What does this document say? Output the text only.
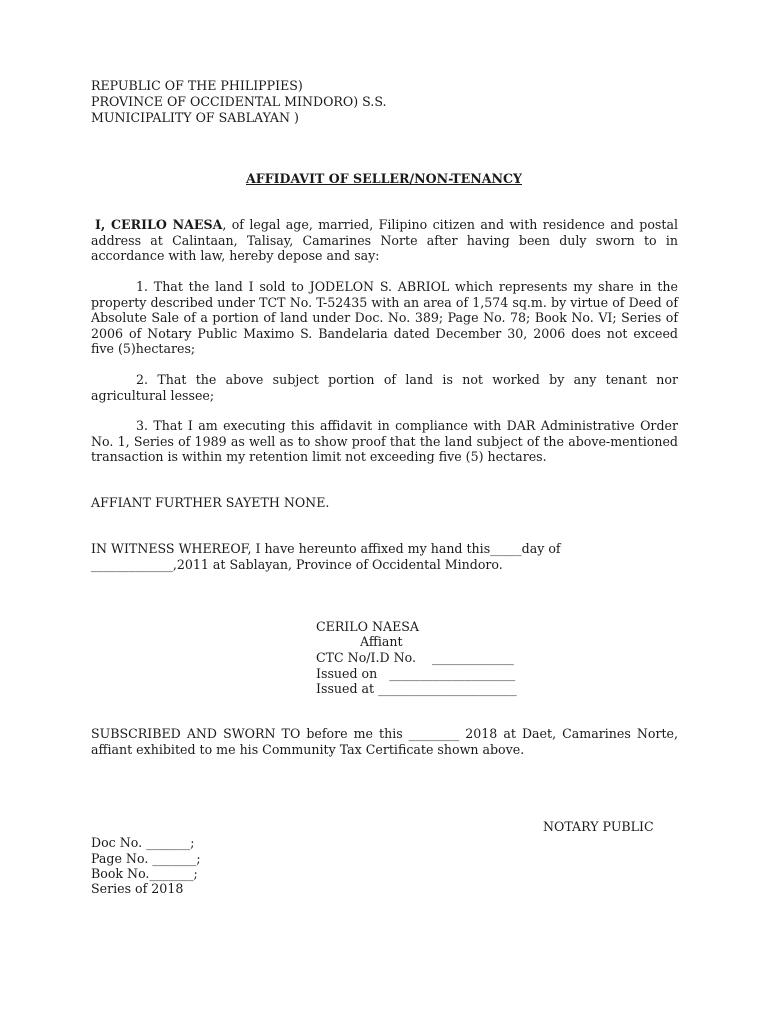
REPUBLIC OF THE PHILIPPIES)
PROVINCE OF OCCIDENTAL MINDORO) S.S.
MUNICIPALITY OF SABLAYAN )
AFFIDAVIT OF SELLER/NON-TENANCY
I, CERILO NAESA, of legal age, married, Filipino citizen and with residence and postal address at Calintaan, Talisay, Camarines Norte after having been duly sworn to in accordance with law, hereby depose and say:
1. That the land I sold to JODELON S. ABRIOL which represents my share in the property described under TCT No. T-52435 with an area of 1,574 sq.m. by virtue of Deed of Absolute Sale of a portion of land under Doc. No. 389; Page No. 78; Book No. VI; Series of 2006 of Notary Public Maximo S. Bandelaria dated December 30, 2006 does not exceed five (5)hectares;
2. That the above subject portion of land is not worked by any tenant nor agricultural lessee;
3. That I am executing this affidavit in compliance with DAR Administrative Order No. 1, Series of 1989 as well as to show proof that the land subject of the above-mentioned transaction is within my retention limit not exceeding five (5) hectares.
AFFIANT FURTHER SAYETH NONE.
IN WITNESS WHEREOF, I have hereunto affixed my hand this_____day of
_____________,2011 at Sablayan, Province of Occidental Mindoro.
CERILO NAESA
Affiant
CTC No/I.D No.    _____________
Issued on   ____________________
Issued at ______________________
SUBSCRIBED AND SWORN TO before me this ________ 2018 at Daet, Camarines Norte, affiant exhibited to me his Community Tax Certificate shown above.
NOTARY PUBLIC
Doc No. _______;
Page No. _______;
Book No._______;
Series of 2018
